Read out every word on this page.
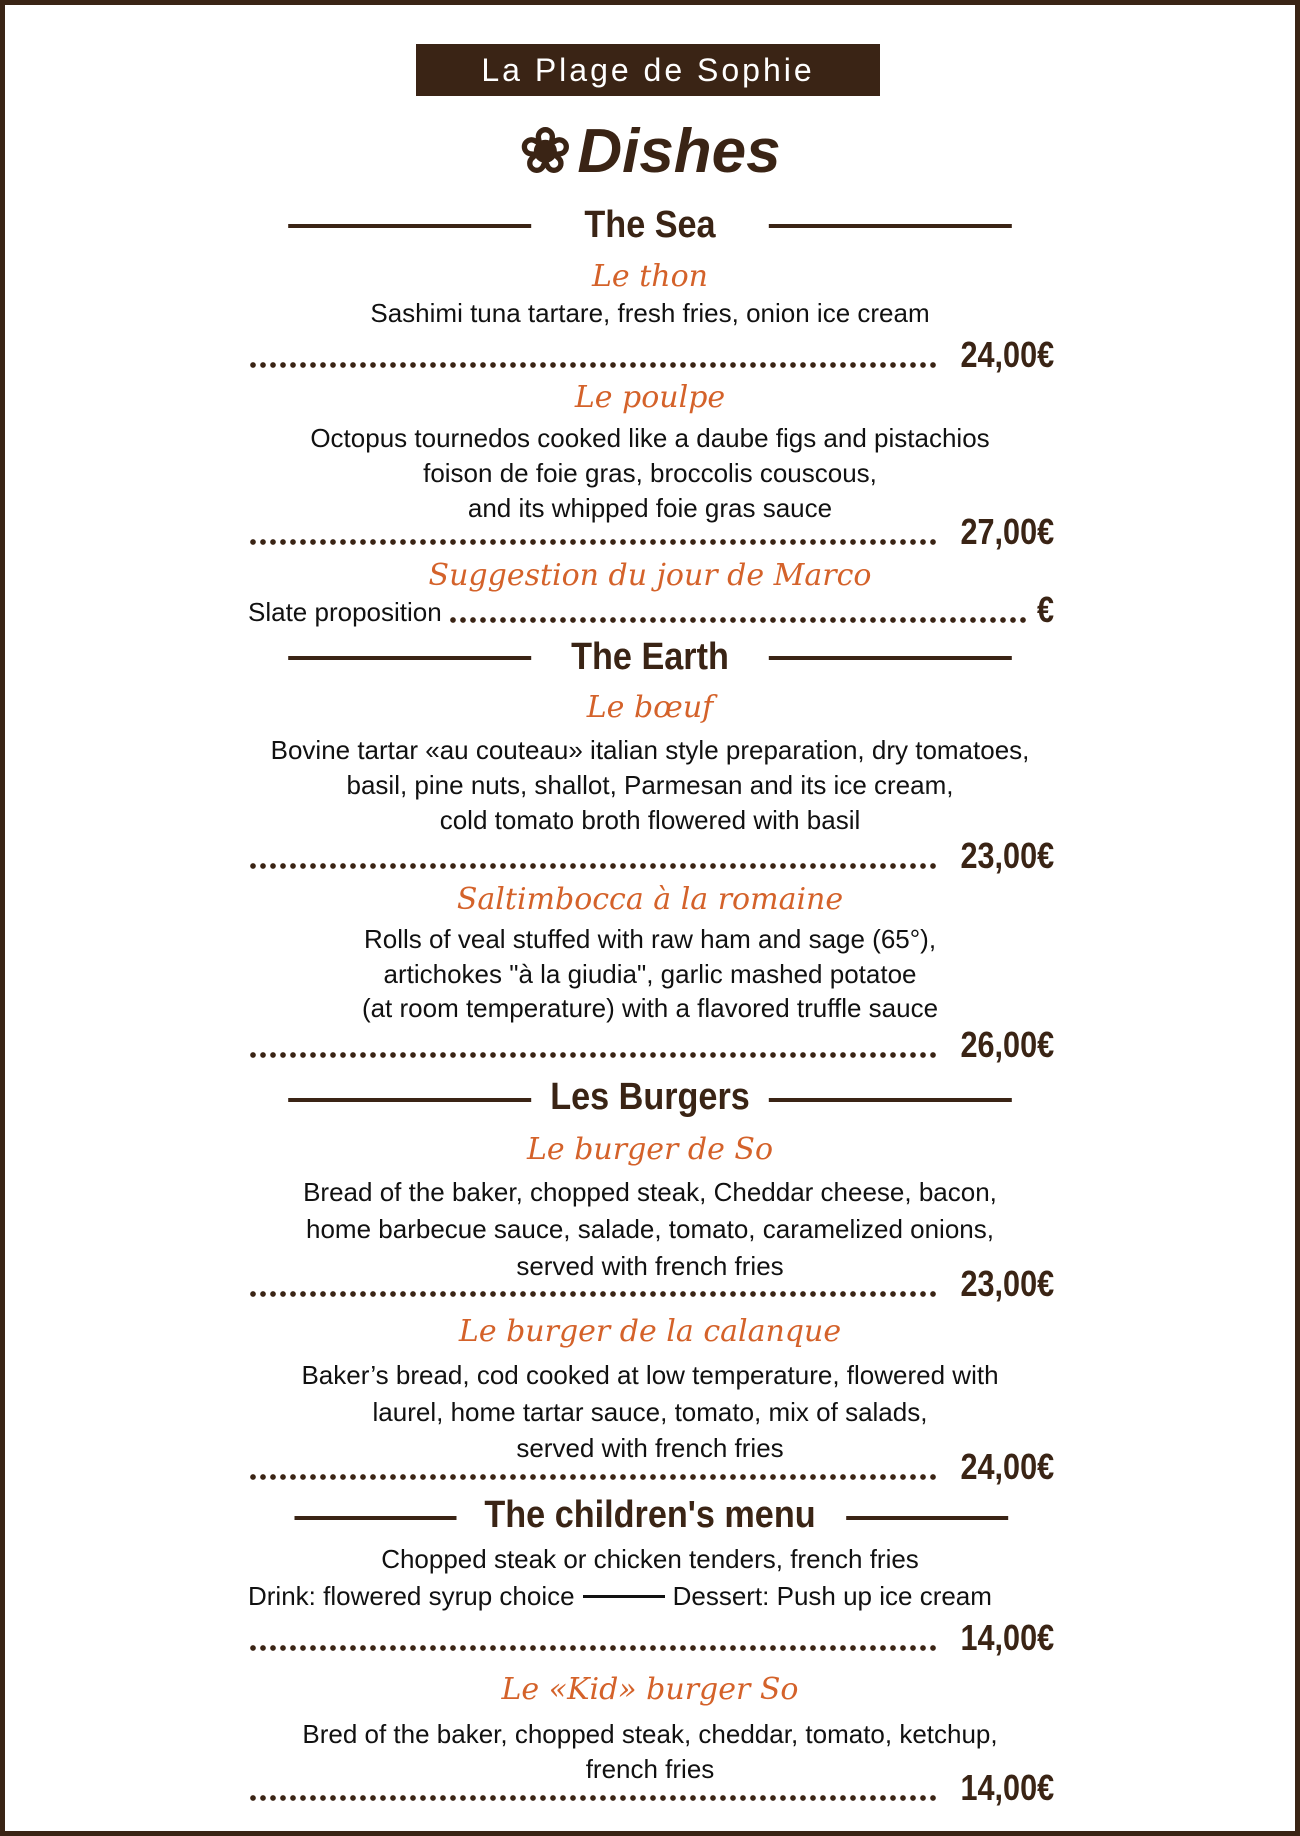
La Plage de Sophie
❀Dishes
The Sea
Le thon
Sashimi tuna tartare, fresh fries, onion ice cream
24,00€
Le poulpe
Octopus tournedos cooked like a daube figs and pistachios
foison de foie gras, broccolis couscous,
and its whipped foie gras sauce
27,00€
Suggestion du jour de Marco
Slate proposition	€
The Earth
Le bœuf
Bovine tartar «au couteau» italian style preparation, dry tomatoes,
basil, pine nuts, shallot, Parmesan and its ice cream,
cold tomato broth flowered with basil
23,00€
Saltimbocca à la romaine
Rolls of veal stuffed with raw ham and sage (65°),
artichokes "à la giudia", garlic mashed potatoe
(at room temperature) with a flavored truffle sauce
26,00€
Les Burgers
Le burger de So
Bread of the baker, chopped steak, Cheddar cheese, bacon,
home barbecue sauce, salade, tomato, caramelized onions,
served with french fries	23,00€
Le burger de la calanque
Baker’s bread, cod cooked at low temperature, flowered with
laurel, home tartar sauce, tomato, mix of salads,
served with french fries	24,00€
The children's menu
Chopped steak or chicken tenders, french fries
Drink: flowered syrup choice	Dessert: Push up ice cream
14,00€
Le «Kid» burger So
Bred of the baker, chopped steak, cheddar, tomato, ketchup,
french fries	14,00€
